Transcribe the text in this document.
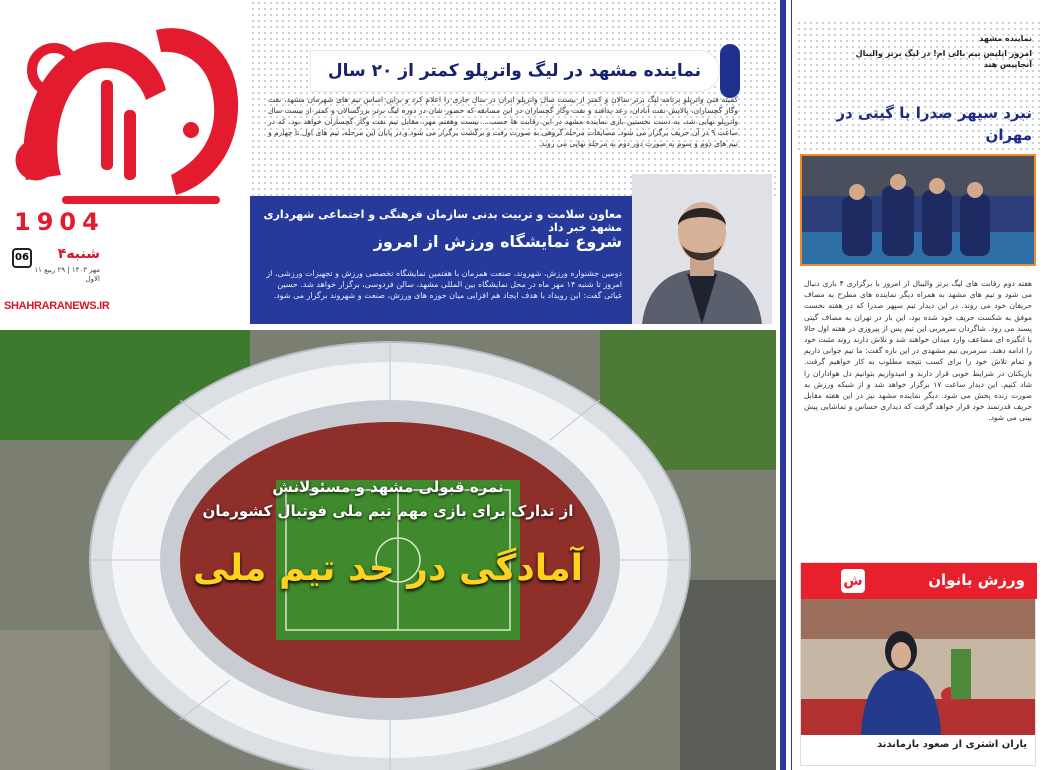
1904
06 ۴شنبه
۱۱ مهر ۱۴۰۳ | ۲۹ ربیع الاول
SHAHRARANEWS.IR
نماینده مشهد در لیگ واترپلو کمتر از ۲۰ سال
کمیته فنی واترپلو برنامه لیگ برتر سالان و کمتر از بیست سال واترپلو ایران در سال جاری را اعلام کرد و براین اساس تیم های شهرمان مشهد، نفت وگاز گچساران، پالایش نفت آبادان، رعد پدافند و نفت وگاز گچساران در این مسابقه که حضور شان در دوره لیگ برتر بزرگسالان و کمتر از بیست سال واترپلو نهایی شد، به دست نخستین بازی نماینده مشهد در این رقابت ها حسب... بیست وهفتم مهر، مقابل تیم نفت وگاز گچساران خواهد بود. که در ساعت ۹ در آن حریف برگزار می شود. مسابقات مرحله گروهی به صورت رفت و برگشت برگزار می شود و در پایان این مرحله، تیم های اول تا چهارم و تیم های دوم و سوم به صورت دور دوم به مرحله نهایی می روند.
معاون سلامت و تربیت بدنی سازمان فرهنگی و اجتماعی شهرداری مشهد خبر داد
شروع نمایشگاه ورزش از امروز
دومین جشنواره ورزش، شهروند، صنعت همزمان با هفتمین نمایشگاه تخصصی ورزش و تجهیزات ورزشی، از امروز تا شنبه ۱۴ مهر ماه در محل نمایشگاه بین المللی مشهد، سالن فردوسی، برگزار خواهد شد. حسین غیاثی گفت: این رویداد با هدف ایجاد هم افزایی میان حوزه های ورزش، صنعت و شهروند برگزار می شود.
نمره قبولی مشهد و مسئولانش
از تدارک برای بازی مهم تیم ملی فوتبال کشورمان
آمادگی در حد تیم ملی
نماینده مشهد
امروز ایلیس بیم بالی ام! در لیگ برتر والیبال آنجاپیس هند
نبرد سپهر صدرا با گیتی در مهران
هفته دوم رقابت های لیگ برتر والیبال از امروز با برگزاری ۴ بازی دنبال می شود و تیم های مشهد به همراه دیگر نماینده های مطرح به مصاف حریفان خود می روند. در این دیدار تیم سپهر صدرا که در هفته نخست موفق به شکست حریف خود شده بود، این بار در تهران به مصاف گیتی پسند می رود. شاگردان سرمربی این تیم پس از پیروزی در هفته اول حالا با انگیزه ای مضاعف وارد میدان خواهند شد و تلاش دارند روند مثبت خود را ادامه دهند. سرمربی تیم مشهدی در این باره گفت: ما تیم جوانی داریم و تمام تلاش خود را برای کسب نتیجه مطلوب به کار خواهیم گرفت. بازیکنان در شرایط خوبی قرار دارند و امیدواریم بتوانیم دل هواداران را شاد کنیم. این دیدار ساعت ۱۷ برگزار خواهد شد و از شبکه ورزش به صورت زنده پخش می شود. دیگر نماینده مشهد نیز در این هفته مقابل حریف قدرتمند خود قرار خواهد گرفت که دیداری حساس و تماشایی پیش بینی می شود.
ش	ورزش بانوان
یاران اشتری از صعود بازماندند
